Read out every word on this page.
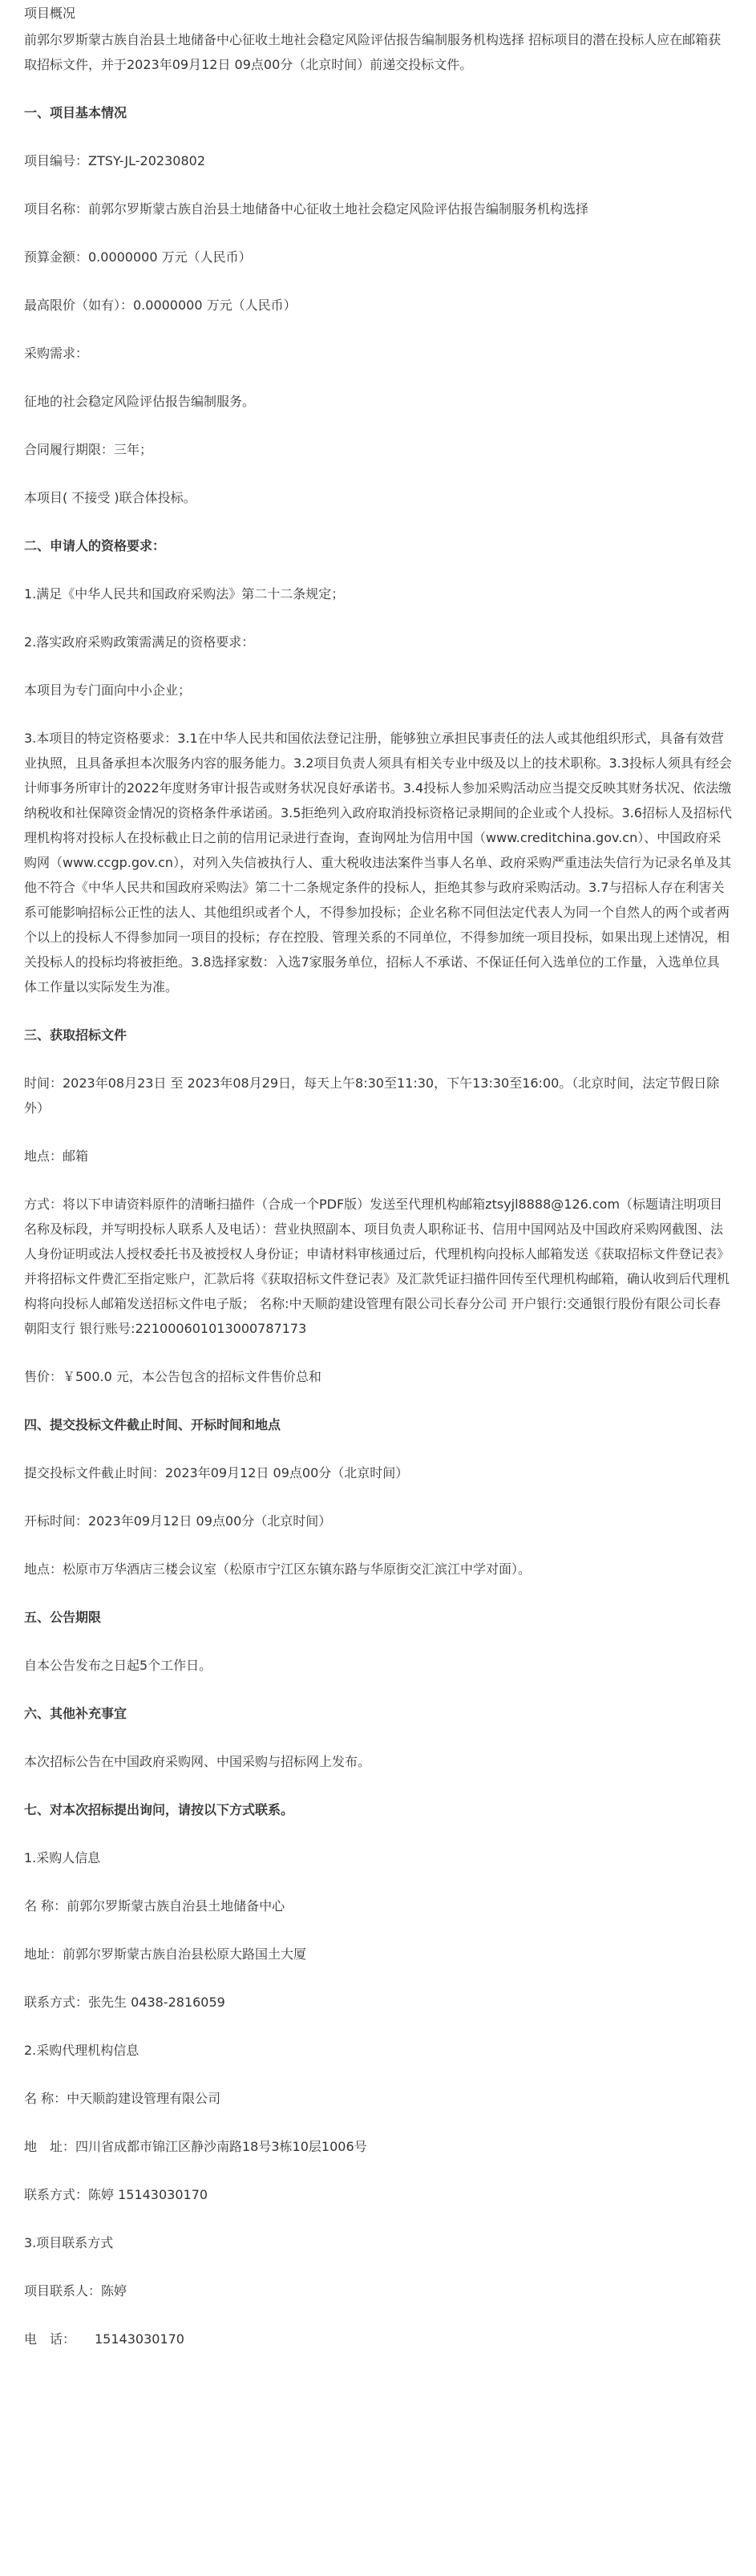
项目概况

前郭尔罗斯蒙古族自治县土地储备中心征收土地社会稳定风险评估报告编制服务机构选择 招标项目的潜在投标人应在邮箱获取招标文件，并于2023年09月12日 09点00分（北京时间）前递交投标文件。

一、项目基本情况

项目编号：ZTSY-JL-20230802

项目名称：前郭尔罗斯蒙古族自治县土地储备中心征收土地社会稳定风险评估报告编制服务机构选择

预算金额：0.0000000 万元（人民币）

最高限价（如有）：0.0000000 万元（人民币）

采购需求：

征地的社会稳定风险评估报告编制服务。

合同履行期限：三年；

本项目( 不接受 )联合体投标。

二、申请人的资格要求：

1.满足《中华人民共和国政府采购法》第二十二条规定；

2.落实政府采购政策需满足的资格要求：

本项目为专门面向中小企业；

3.本项目的特定资格要求：3.1在中华人民共和国依法登记注册，能够独立承担民事责任的法人或其他组织形式，具备有效营业执照，且具备承担本次服务内容的服务能力。3.2项目负责人须具有相关专业中级及以上的技术职称。3.3投标人须具有经会计师事务所审计的2022年度财务审计报告或财务状况良好承诺书。3.4投标人参加采购活动应当提交反映其财务状况、依法缴纳税收和社保障资金情况的资格条件承诺函。3.5拒绝列入政府取消投标资格记录期间的企业或个人投标。3.6招标人及招标代理机构将对投标人在投标截止日之前的信用记录进行查询，查询网址为信用中国（www.creditchina.gov.cn）、中国政府采购网（www.ccgp.gov.cn），对列入失信被执行人、重大税收违法案件当事人名单、政府采购严重违法失信行为记录名单及其他不符合《中华人民共和国政府采购法》第二十二条规定条件的投标人，拒绝其参与政府采购活动。3.7与招标人存在利害关系可能影响招标公正性的法人、其他组织或者个人，不得参加投标；企业名称不同但法定代表人为同一个自然人的两个或者两个以上的投标人不得参加同一项目的投标；存在控股、管理关系的不同单位，不得参加统一项目投标，如果出现上述情况，相关投标人的投标均将被拒绝。3.8选择家数：入选7家服务单位，招标人不承诺、不保证任何入选单位的工作量，入选单位具体工作量以实际发生为准。

三、获取招标文件

时间：2023年08月23日 至 2023年08月29日，每天上午8:30至11:30，下午13:30至16:00。（北京时间，法定节假日除外）

地点：邮箱

方式：将以下申请资料原件的清晰扫描件（合成一个PDF版）发送至代理机构邮箱ztsyjl8888@126.com（标题请注明项目名称及标段，并写明投标人联系人及电话）：营业执照副本、项目负责人职称证书、信用中国网站及中国政府采购网截图、法人身份证明或法人授权委托书及被授权人身份证；申请材料审核通过后，代理机构向投标人邮箱发送《获取招标文件登记表》并将招标文件费汇至指定账户，汇款后将《获取招标文件登记表》及汇款凭证扫描件回传至代理机构邮箱，确认收到后代理机构将向投标人邮箱发送招标文件电子版； 名称:中天顺韵建设管理有限公司长春分公司 开户银行:交通银行股份有限公司长春朝阳支行 银行账号:221000601013000787173

售价：￥500.0 元，本公告包含的招标文件售价总和

四、提交投标文件截止时间、开标时间和地点

提交投标文件截止时间：2023年09月12日 09点00分（北京时间）

开标时间：2023年09月12日 09点00分（北京时间）

地点：松原市万华酒店三楼会议室（松原市宁江区东镇东路与华原街交汇滨江中学对面）。

五、公告期限

自本公告发布之日起5个工作日。

六、其他补充事宜

本次招标公告在中国政府采购网、中国采购与招标网上发布。

七、对本次招标提出询问，请按以下方式联系。

1.采购人信息

名 称：前郭尔罗斯蒙古族自治县土地储备中心

地址：前郭尔罗斯蒙古族自治县松原大路国土大厦

联系方式：张先生 0438-2816059

2.采购代理机构信息

名 称：中天顺韵建设管理有限公司

地　址：四川省成都市锦江区静沙南路18号3栋10层1006号

联系方式：陈婷 15143030170

3.项目联系方式

项目联系人：陈婷

电　话：　　15143030170
